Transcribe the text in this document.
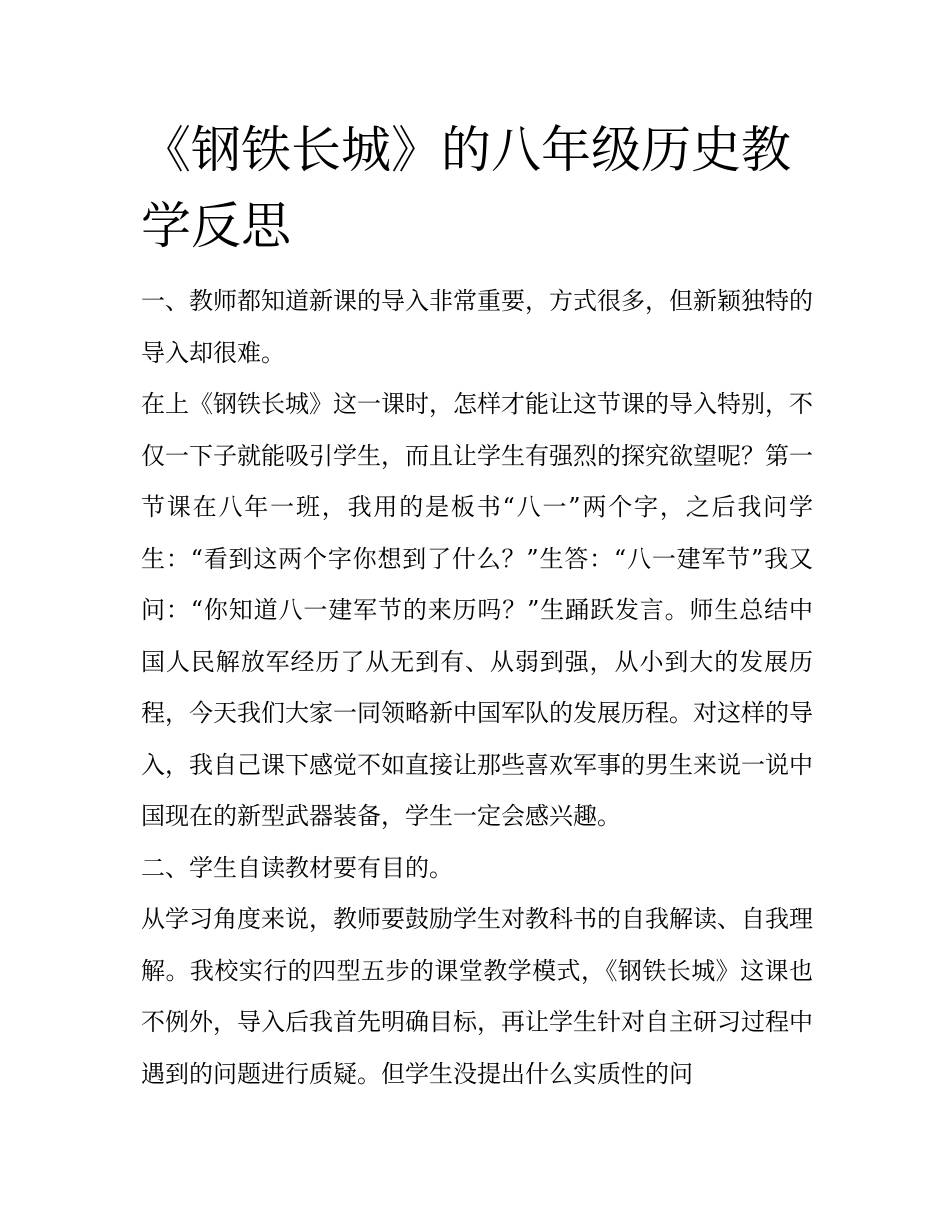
《钢铁长城》的八年级历史教学反思

一、教师都知道新课的导入非常重要，方式很多，但新颖独特的导入却很难。

在上《钢铁长城》这一课时，怎样才能让这节课的导入特别，不仅一下子就能吸引学生，而且让学生有强烈的探究欲望呢？第一节课在八年一班，我用的是板书“八一”两个字，之后我问学生：“看到这两个字你想到了什么？”生答：“八一建军节”我又问：“你知道八一建军节的来历吗？”生踊跃发言。师生总结中国人民解放军经历了从无到有、从弱到强，从小到大的发展历程，今天我们大家一同领略新中国军队的发展历程。对这样的导入，我自己课下感觉不如直接让那些喜欢军事的男生来说一说中国现在的新型武器装备，学生一定会感兴趣。

二、学生自读教材要有目的。

从学习角度来说，教师要鼓励学生对教科书的自我解读、自我理解。我校实行的四型五步的课堂教学模式，《钢铁长城》这课也不例外，导入后我首先明确目标，再让学生针对自主研习过程中遇到的问题进行质疑。但学生没提出什么实质性的问
